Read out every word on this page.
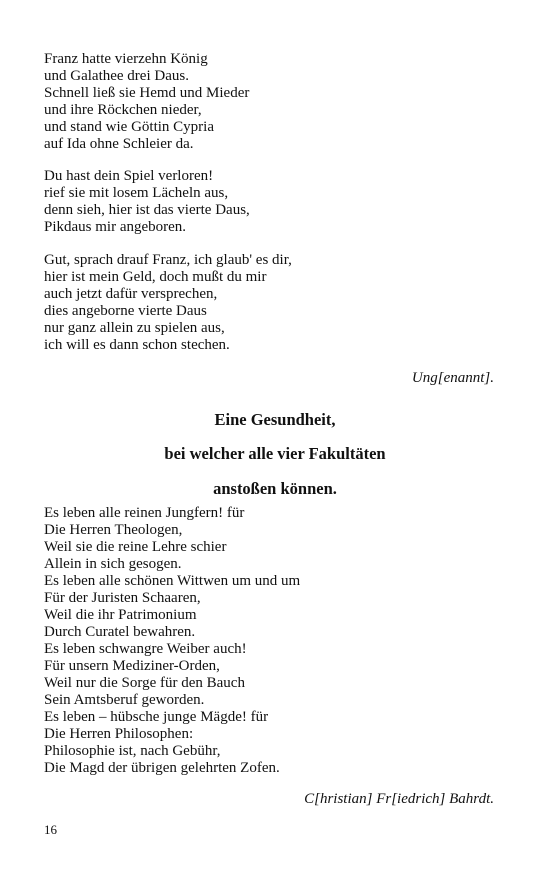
Franz hatte vierzehn König
und Galathee drei Daus.
Schnell ließ sie Hemd und Mieder
und ihre Röckchen nieder,
und stand wie Göttin Cypria
auf Ida ohne Schleier da.
Du hast dein Spiel verloren!
rief sie mit losem Lächeln aus,
denn sieh, hier ist das vierte Daus,
Pikdaus mir angeboren.
Gut, sprach drauf Franz, ich glaub' es dir,
hier ist mein Geld, doch mußt du mir
auch jetzt dafür versprechen,
dies angeborne vierte Daus
nur ganz allein zu spielen aus,
ich will es dann schon stechen.
Ung[enannt].
Eine Gesundheit,
bei welcher alle vier Fakultäten
anstoßen können.
Es leben alle reinen Jungfern! für
Die Herren Theologen,
Weil sie die reine Lehre schier
Allein in sich gesogen.
Es leben alle schönen Wittwen um und um
Für der Juristen Schaaren,
Weil die ihr Patrimonium
Durch Curatel bewahren.
Es leben schwangre Weiber auch!
Für unsern Mediziner-Orden,
Weil nur die Sorge für den Bauch
Sein Amtsberuf geworden.
Es leben – hübsche junge Mägde! für
Die Herren Philosophen:
Philosophie ist, nach Gebühr,
Die Magd der übrigen gelehrten Zofen.
C[hristian] Fr[iedrich] Bahrdt.
16
